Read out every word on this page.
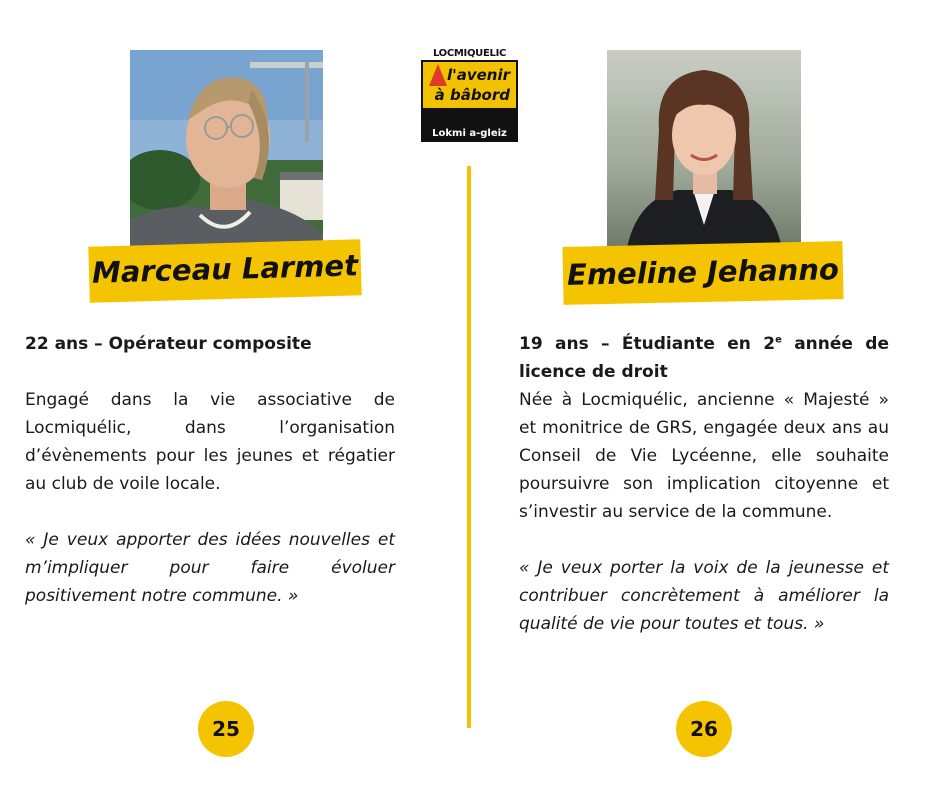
LOCMIQUÉLIC
l'avenir
à bâbord
Lokmi a-gleiz
Marceau Larmet	Emeline Jehanno
22 ans – Opérateur composite
Engagé dans la vie associative de Locmiquélic, dans l’organisation d’évènements pour les jeunes et régatier au club de voile locale.
« Je veux apporter des idées nouvelles et m’impliquer pour faire évoluer positivement notre commune. »
19 ans – Étudiante en 2e année de licence de droit
Née à Locmiquélic, ancienne « Majesté » et monitrice de GRS, engagée deux ans au Conseil de Vie Lycéenne, elle souhaite poursuivre son implication citoyenne et s’investir au service de la commune.
« Je veux porter la voix de la jeunesse et contribuer concrètement à améliorer la qualité de vie pour toutes et tous. »
25	26
